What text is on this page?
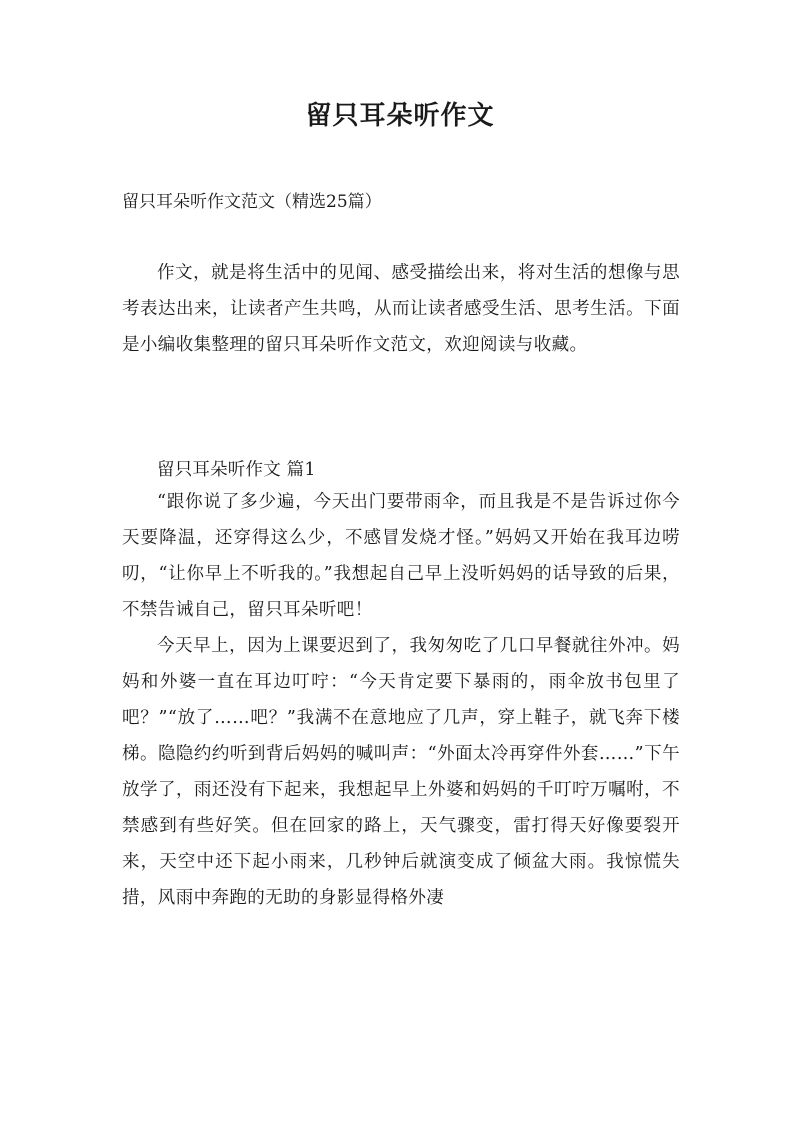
留只耳朵听作文
留只耳朵听作文范文（精选25篇）

作文，就是将生活中的见闻、感受描绘出来，将对生活的想像与思考表达出来，让读者产生共鸣，从而让读者感受生活、思考生活。下面是小编收集整理的留只耳朵听作文范文，欢迎阅读与收藏。

留只耳朵听作文 篇1

“跟你说了多少遍，今天出门要带雨伞，而且我是不是告诉过你今天要降温，还穿得这么少，不感冒发烧才怪。”妈妈又开始在我耳边唠叨，“让你早上不听我的。”我想起自己早上没听妈妈的话导致的后果，不禁告诫自己，留只耳朵听吧！

今天早上，因为上课要迟到了，我匆匆吃了几口早餐就往外冲。妈妈和外婆一直在耳边叮咛：“今天肯定要下暴雨的，雨伞放书包里了吧？”“放了……吧？”我满不在意地应了几声，穿上鞋子，就飞奔下楼梯。隐隐约约听到背后妈妈的喊叫声：“外面太冷再穿件外套……”下午放学了，雨还没有下起来，我想起早上外婆和妈妈的千叮咛万嘱咐，不禁感到有些好笑。但在回家的路上，天气骤变，雷打得天好像要裂开来，天空中还下起小雨来，几秒钟后就演变成了倾盆大雨。我惊慌失措，风雨中奔跑的无助的身影显得格外凄
